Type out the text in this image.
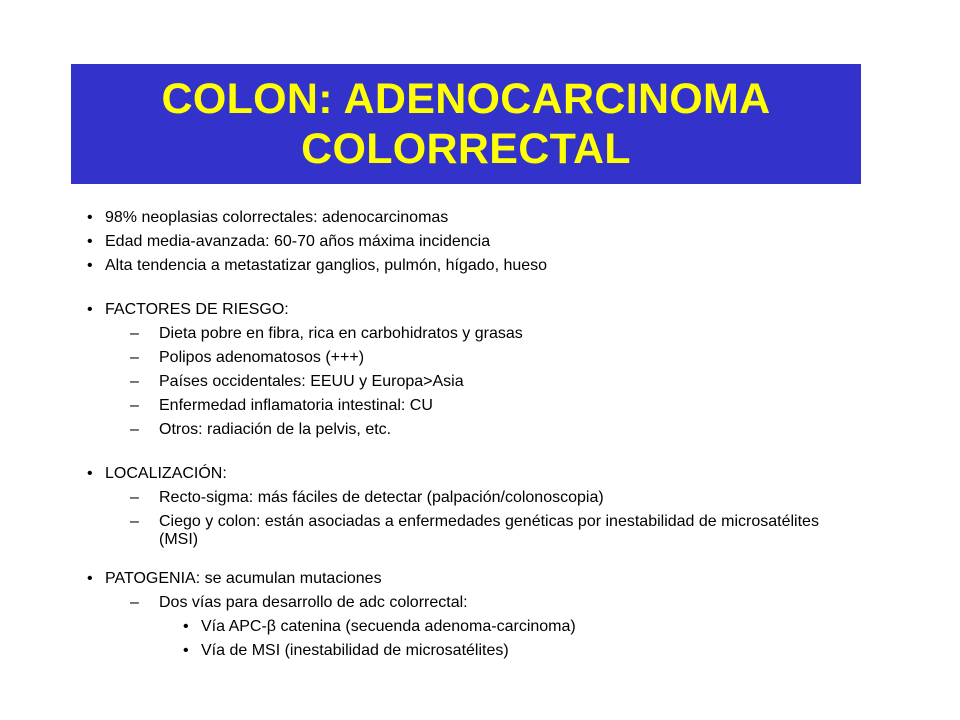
COLON: ADENOCARCINOMA
COLORRECTAL
• 98% neoplasias colorrectales: adenocarcinomas
• Edad media-avanzada: 60-70 años máxima incidencia
• Alta tendencia a metastatizar ganglios, pulmón, hígado, hueso
• FACTORES DE RIESGO:
– Dieta pobre en fibra, rica en carbohidratos y grasas
– Polipos adenomatosos (+++)
– Países occidentales: EEUU y Europa>Asia
– Enfermedad inflamatoria intestinal: CU
– Otros: radiación de la pelvis, etc.
• LOCALIZACIÓN:
– Recto-sigma: más fáciles de detectar (palpación/colonoscopia)
– Ciego y colon: están asociadas a enfermedades genéticas por inestabilidad de microsatélites (MSI)
• PATOGENIA: se acumulan mutaciones
– Dos vías para desarrollo de adc colorrectal:
• Vía APC-β catenina (secuenda adenoma-carcinoma)
• Vía de MSI (inestabilidad de microsatélites)
